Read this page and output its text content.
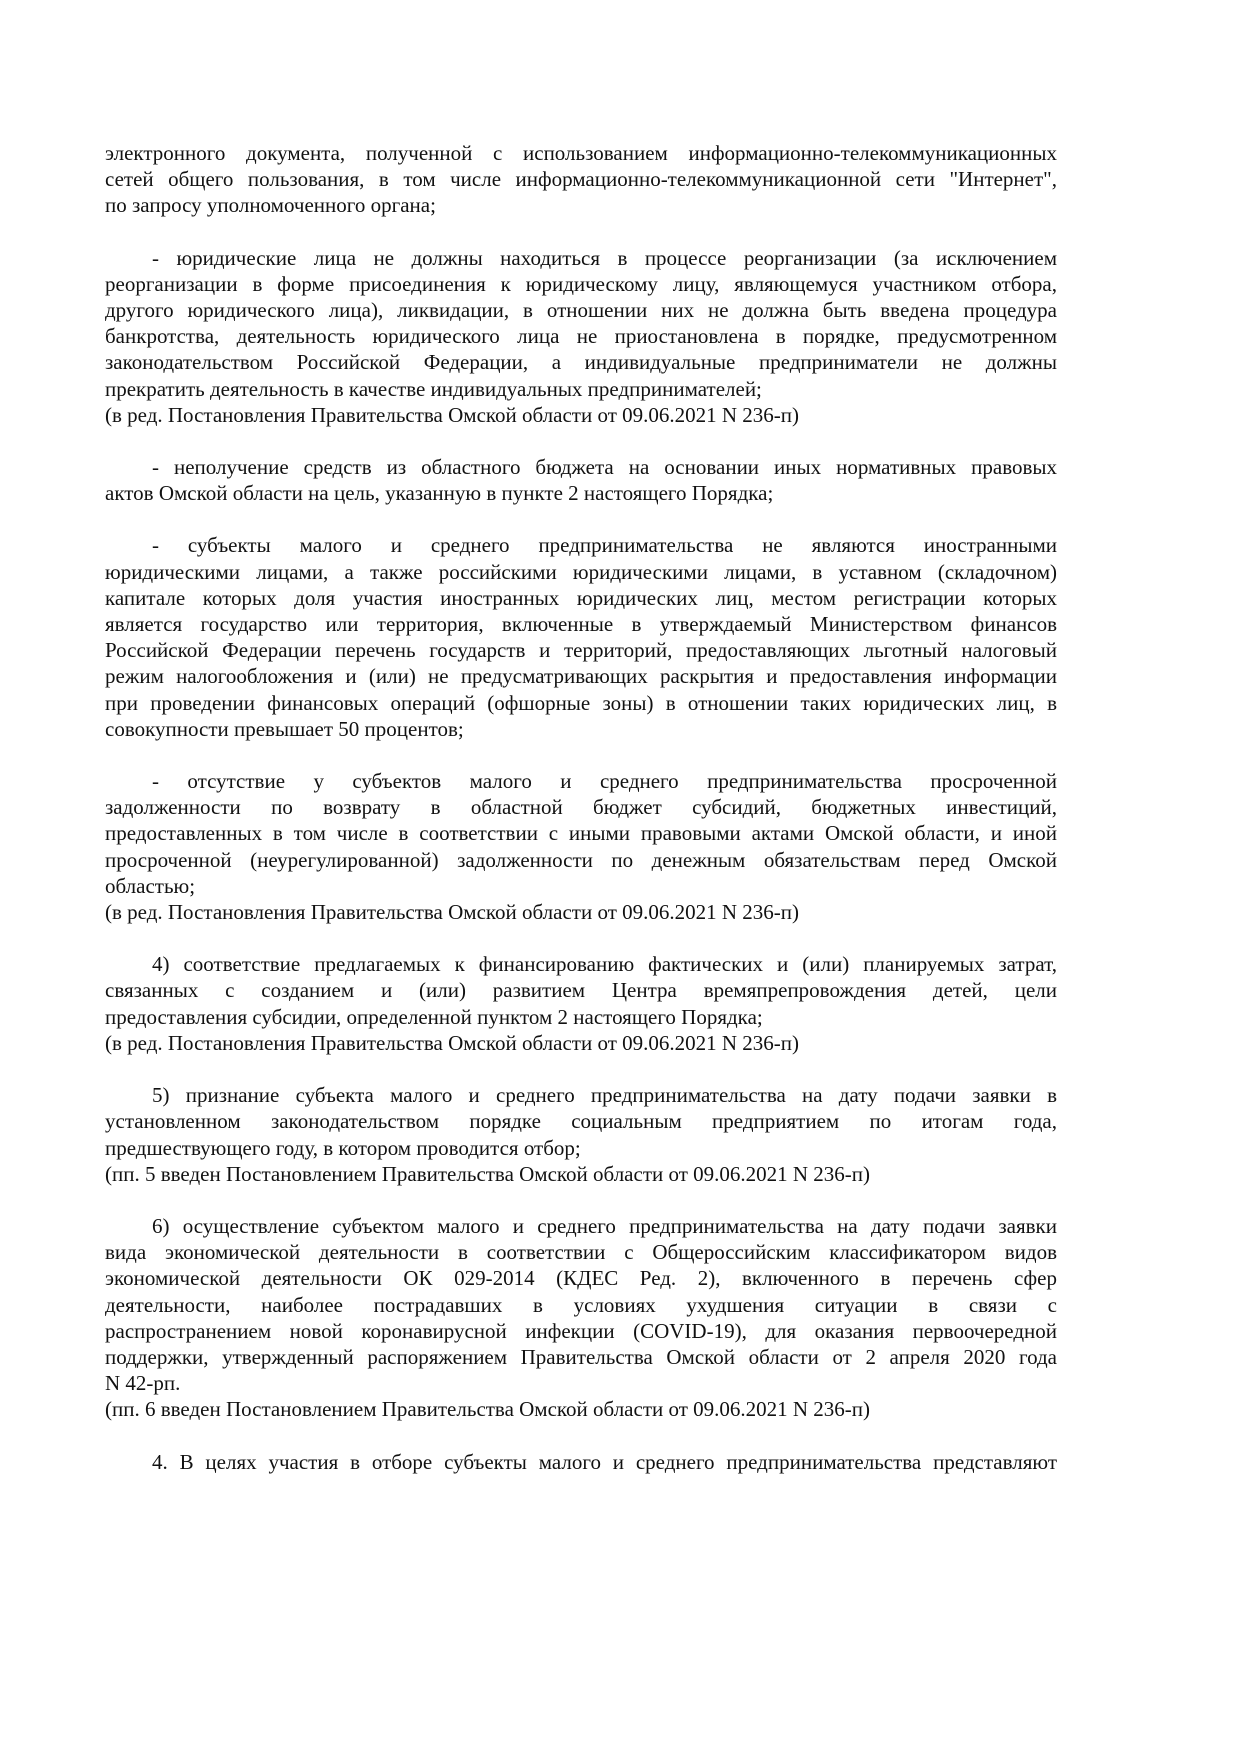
электронного документа, полученной с использованием информационно-телекоммуникационных
сетей общего пользования, в том числе информационно-телекоммуникационной сети "Интернет",
по запросу уполномоченного органа;
- юридические лица не должны находиться в процессе реорганизации (за исключением
реорганизации в форме присоединения к юридическому лицу, являющемуся участником отбора,
другого юридического лица), ликвидации, в отношении них не должна быть введена процедура
банкротства, деятельность юридического лица не приостановлена в порядке, предусмотренном
законодательством Российской Федерации, а индивидуальные предприниматели не должны
прекратить деятельность в качестве индивидуальных предпринимателей;

(в ред. Постановления Правительства Омской области от 09.06.2021 N 236-п)

- неполучение средств из областного бюджета на основании иных нормативных правовых
актов Омской области на цель, указанную в пункте 2 настоящего Порядка;
- субъекты малого и среднего предпринимательства не являются иностранными
юридическими лицами, а также российскими юридическими лицами, в уставном (складочном)
капитале которых доля участия иностранных юридических лиц, местом регистрации которых
является государство или территория, включенные в утверждаемый Министерством финансов
Российской Федерации перечень государств и территорий, предоставляющих льготный налоговый
режим налогообложения и (или) не предусматривающих раскрытия и предоставления информации
при проведении финансовых операций (офшорные зоны) в отношении таких юридических лиц, в
совокупности превышает 50 процентов;
- отсутствие у субъектов малого и среднего предпринимательства просроченной
задолженности по возврату в областной бюджет субсидий, бюджетных инвестиций,
предоставленных в том числе в соответствии с иными правовыми актами Омской области, и иной
просроченной (неурегулированной) задолженности по денежным обязательствам перед Омской
областью;

(в ред. Постановления Правительства Омской области от 09.06.2021 N 236-п)

4) соответствие предлагаемых к финансированию фактических и (или) планируемых затрат,
связанных с созданием и (или) развитием Центра времяпрепровождения детей, цели
предоставления субсидии, определенной пунктом 2 настоящего Порядка;

(в ред. Постановления Правительства Омской области от 09.06.2021 N 236-п)

5) признание субъекта малого и среднего предпринимательства на дату подачи заявки в
установленном законодательством порядке социальным предприятием по итогам года,
предшествующего году, в котором проводится отбор;

(пп. 5 введен Постановлением Правительства Омской области от 09.06.2021 N 236-п)

6) осуществление субъектом малого и среднего предпринимательства на дату подачи заявки
вида экономической деятельности в соответствии с Общероссийским классификатором видов
экономической деятельности ОК 029-2014 (КДЕС Ред. 2), включенного в перечень сфер
деятельности, наиболее пострадавших в условиях ухудшения ситуации в связи с
распространением новой коронавирусной инфекции (COVID-19), для оказания первоочередной
поддержки, утвержденный распоряжением Правительства Омской области от 2 апреля 2020 года
N 42-рп.

(пп. 6 введен Постановлением Правительства Омской области от 09.06.2021 N 236-п)

4. В целях участия в отборе субъекты малого и среднего предпринимательства представляют
